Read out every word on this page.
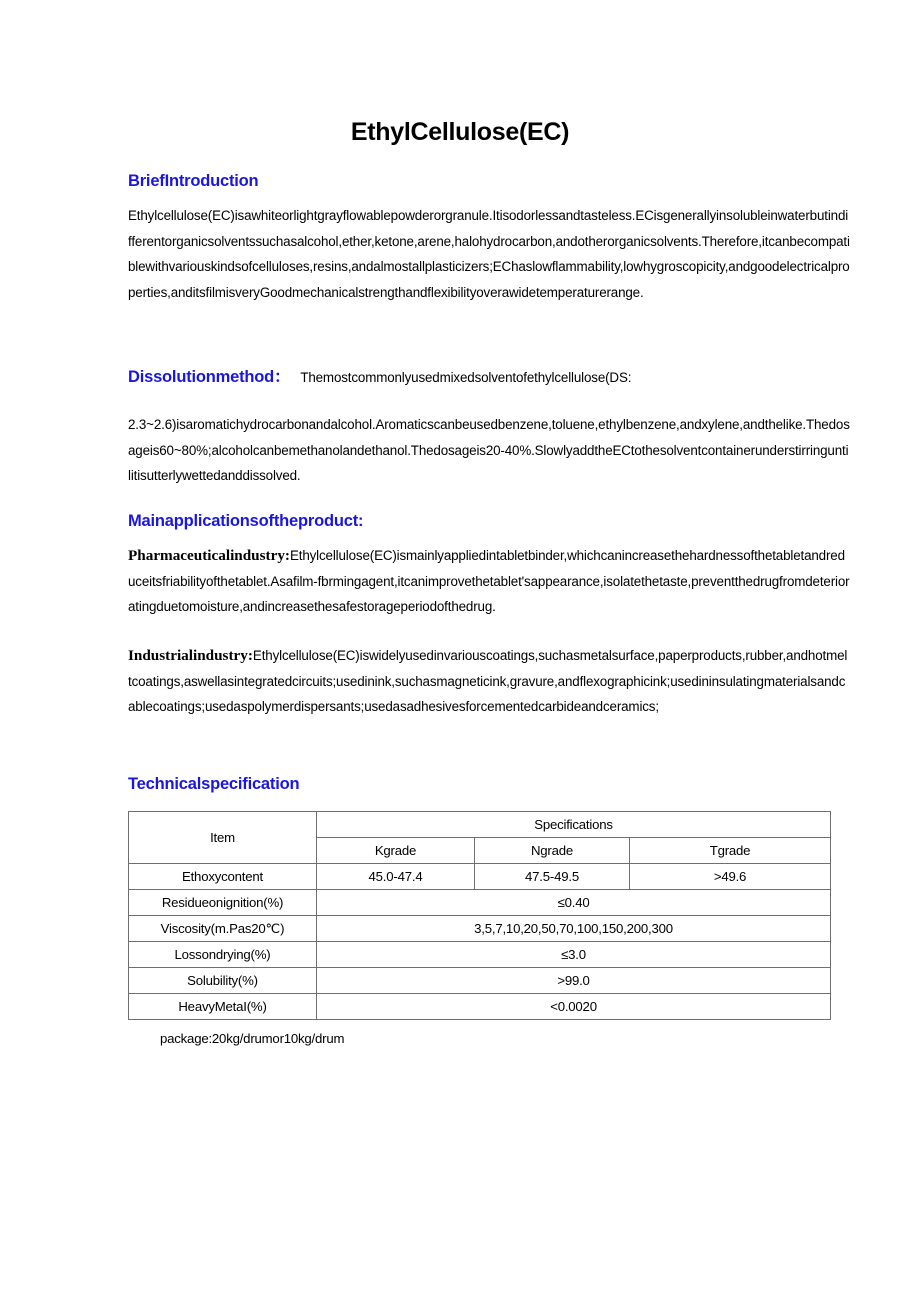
EthylCellulose(EC)
BriefIntroduction
Ethylcellulose(EC)isawhiteorlightgrayflowablepowderorgranule.Itisodorlessandtasteless.ECisgenerallyinsolubleinwaterbutindifferentorganicsolventssuchasalcohol,ether,ketone,arene,halohydrocarbon,andotherorganicsolvents.Therefore,itcanbecompatiblewithvariouskindsofcelluloses,resins,andalmostallplasticizers;EChaslowflammability,lowhygroscopicity,andgoodelectricalproperties,anditsfilmisveryGoodmechanicalstrengthandflexibilityoverawidetemperaturerange.
Dissolutionmethod： Themostcommonlyusedmixedsolventofethylcellulose(DS:
2.3~2.6)isaromatichydrocarbonandalcohol.Aromaticscanbeusedbenzene,toluene,ethylbenzene,andxylene,andthelike.Thedosageis60~80%;alcoholcanbemethanolandethanol.Thedosageis20-40%.SlowlyaddtheECtothesolventcontainerunderstirringuntilitisutterlywettedanddissolved.
Mainapplicationsoftheproduct:
Pharmaceuticalindustry:Ethylcellulose(EC)ismainlyappliedintabletbinder,whichcanincreasethehardnessofthetabletandreduceitsfriabilityofthetablet.Asafilm-fbrmingagent,itcanimprovethetablet'sappearance,isolatethetaste,preventthedrugfromdeterioratingduetomoisture,andincreasethesafestorageperiodofthedrug.
Industrialindustry:Ethylcellulose(EC)iswidelyusedinvariouscoatings,suchasmetalsurface,paperproducts,rubber,andhotmeltcoatings,aswellasintegratedcircuits;usedinink,suchasmagneticink,gravure,andflexographicink;usedininsulatingmaterialsandcablecoatings;usedaspolymerdispersants;usedasadhesivesforcementedcarbideandceramics;
Technicalspecification
Item	Specifications		
	Kgrade	Ngrade	Tgrade
Ethoxycontent	45.0-47.4	47.5-49.5	>49.6
Residueonignition(%)	≤0.40		
Viscosity(m.Pas20℃)	3,5,7,10,20,50,70,100,150,200,300		
Lossondrying(%)	≤3.0		
Solubility(%)	>99.0		
HeavyMetaI(%)	<0.0020		
package:20kg/drumor10kg/drum
